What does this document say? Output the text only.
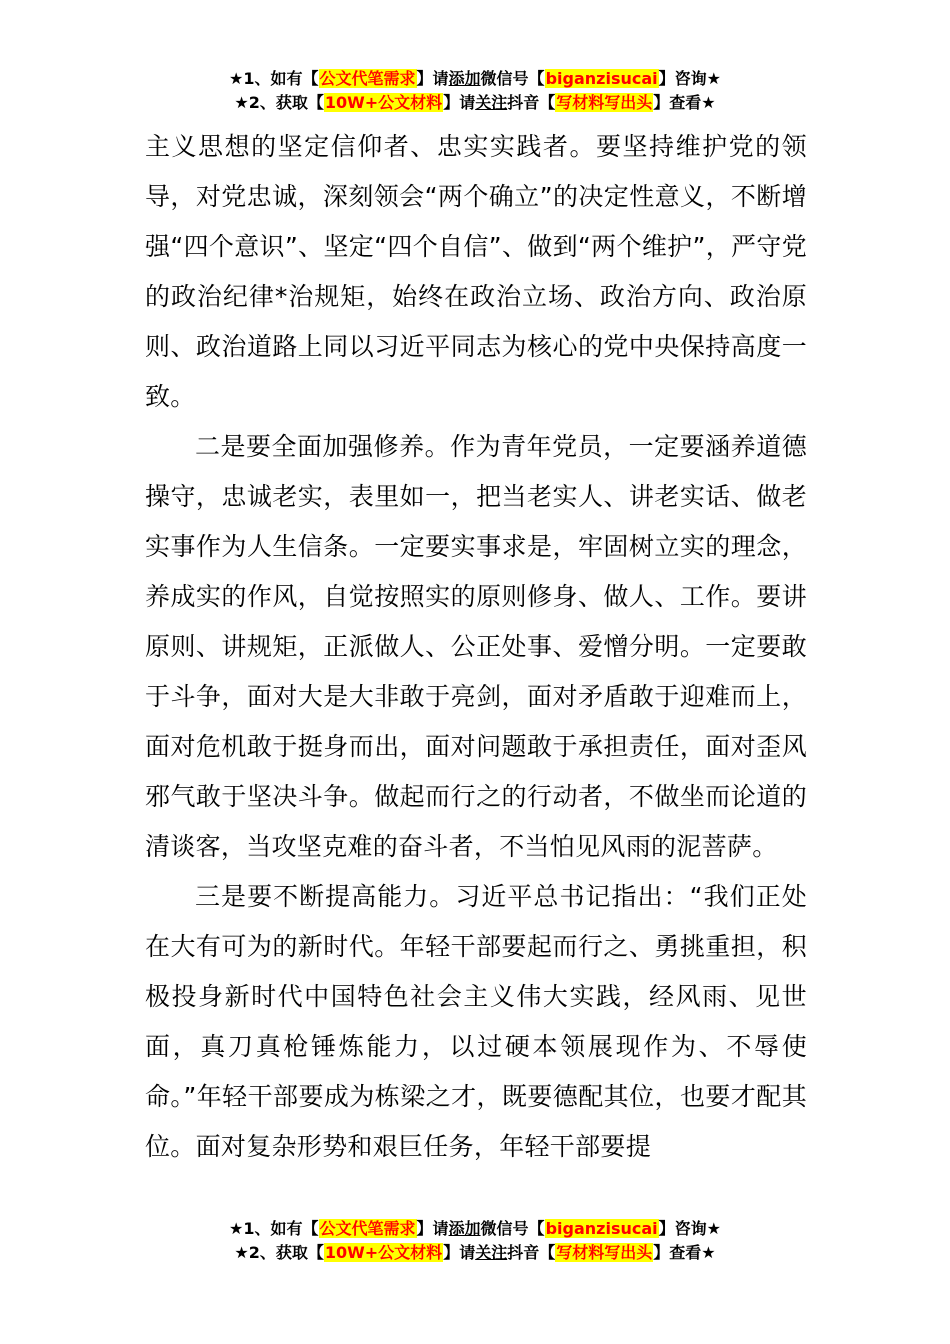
★1、如有【公文代笔需求】请添加微信号【biganzisucai】咨询★
★2、获取【10W+公文材料】请关注抖音【写材料写出头】查看★

主义思想的坚定信仰者、忠实实践者。要坚持维护党的领导，对党忠诚，深刻领会“两个确立”的决定性意义，不断增强“四个意识”、坚定“四个自信”、做到“两个维护”，严守党的政治纪律*治规矩，始终在政治立场、政治方向、政治原则、政治道路上同以习近平同志为核心的党中央保持高度一致。

二是要全面加强修养。作为青年党员，一定要涵养道德操守，忠诚老实，表里如一，把当老实人、讲老实话、做老实事作为人生信条。一定要实事求是，牢固树立实的理念，养成实的作风，自觉按照实的原则修身、做人、工作。要讲原则、讲规矩，正派做人、公正处事、爱憎分明。一定要敢于斗争，面对大是大非敢于亮剑，面对矛盾敢于迎难而上，面对危机敢于挺身而出，面对问题敢于承担责任，面对歪风邪气敢于坚决斗争。做起而行之的行动者，不做坐而论道的清谈客，当攻坚克难的奋斗者，不当怕见风雨的泥菩萨。

三是要不断提高能力。习近平总书记指出：“我们正处在大有可为的新时代。年轻干部要起而行之、勇挑重担，积极投身新时代中国特色社会主义伟大实践，经风雨、见世面，真刀真枪锤炼能力，以过硬本领展现作为、不辱使命。”年轻干部要成为栋梁之才，既要德配其位，也要才配其位。面对复杂形势和艰巨任务，年轻干部要提

★1、如有【公文代笔需求】请添加微信号【biganzisucai】咨询★
★2、获取【10W+公文材料】请关注抖音【写材料写出头】查看★
